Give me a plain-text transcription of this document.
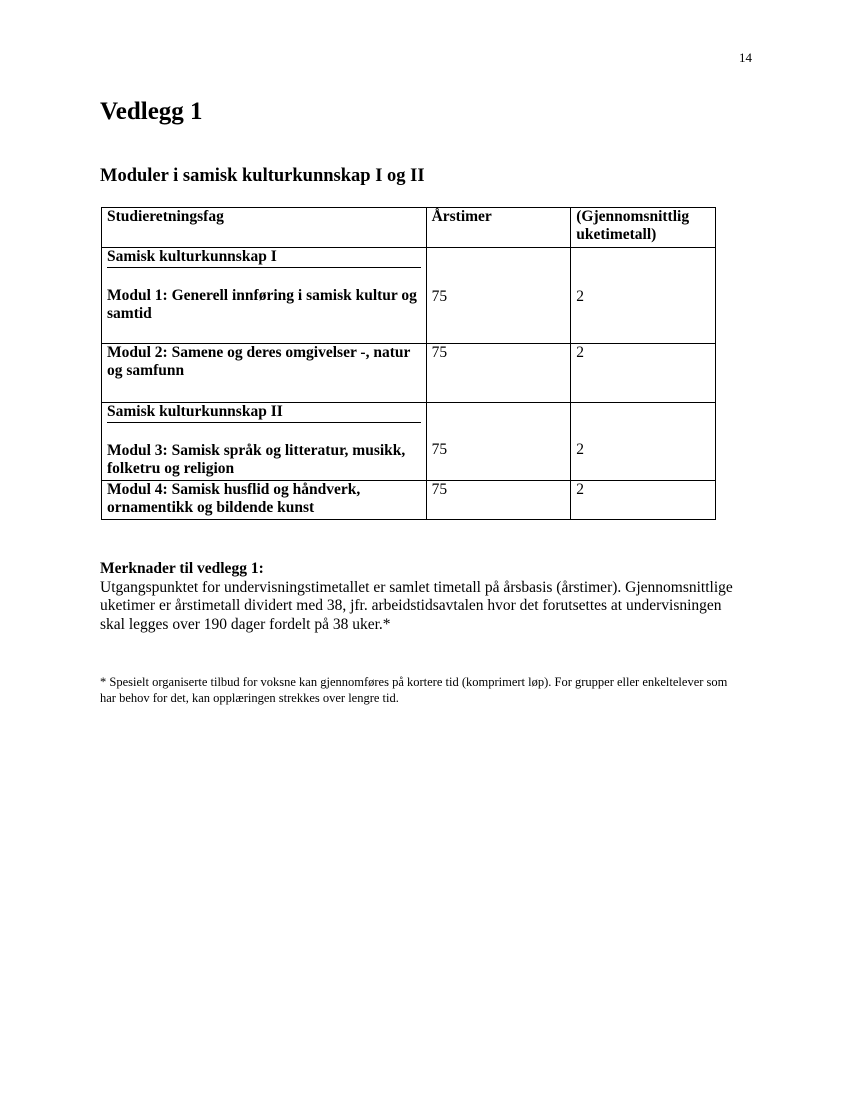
14
Vedlegg 1
Moduler i samisk kulturkunnskap I og II
Studieretningsfag	Årstimer	(Gjennomsnittlig uketimetall)

Samisk kulturkunnskap I
Modul 1: Generell innføring i samisk kultur og samtid	75	2
Modul 2: Samene og deres omgivelser -, natur og samfunn	75	2

Samisk kulturkunnskap II
Modul 3: Samisk språk og litteratur, musikk, folketru og religion	75	2
Modul 4: Samisk husflid og håndverk, ornamentikk og bildende kunst	75	2
Merknader til vedlegg 1:
Utgangspunktet for undervisningstimetallet er samlet timetall på årsbasis (årstimer). Gjennomsnittlige uketimer er årstimetall dividert med 38, jfr. arbeidstidsavtalen hvor det forutsettes at undervisningen skal legges over 190 dager fordelt på 38 uker.*
* Spesielt organiserte tilbud for voksne kan gjennomføres på kortere tid (komprimert løp). For grupper eller enkeltelever som har behov for det, kan opplæringen strekkes over lengre tid.
